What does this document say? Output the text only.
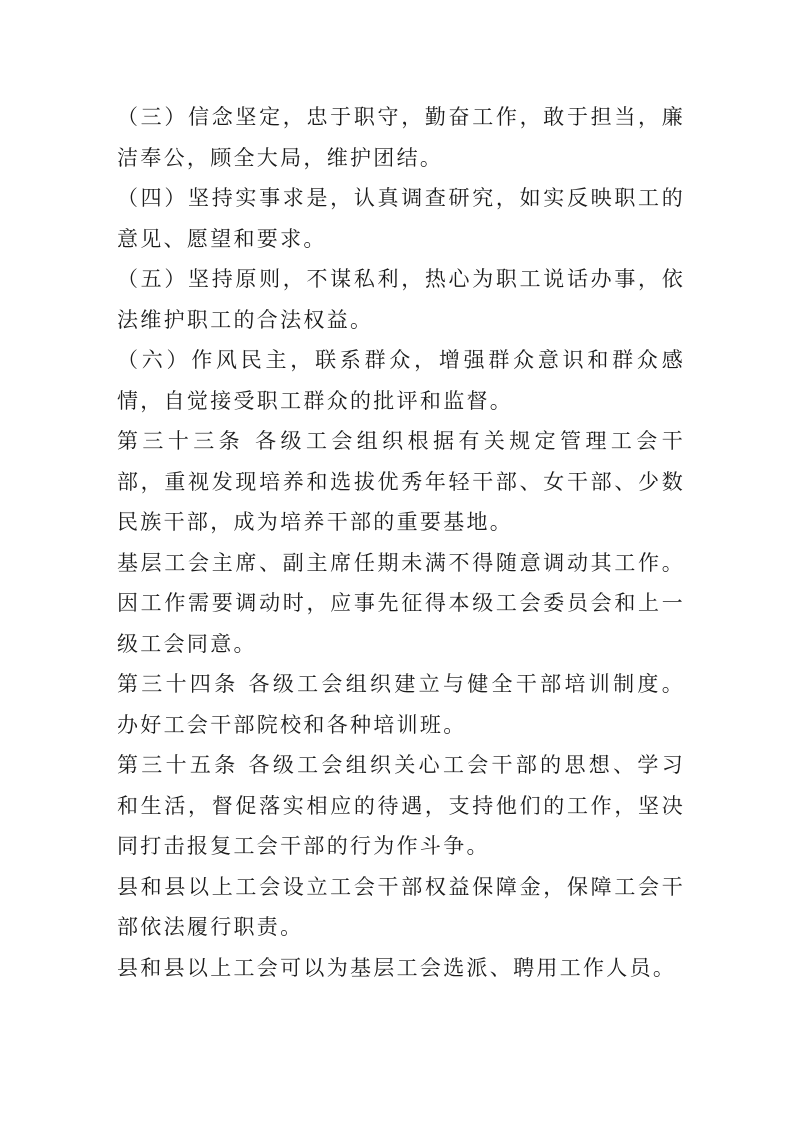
（三）信念坚定，忠于职守，勤奋工作，敢于担当，廉洁奉公，顾全大局，维护团结。

（四）坚持实事求是，认真调查研究，如实反映职工的意见、愿望和要求。

（五）坚持原则，不谋私利，热心为职工说话办事，依法维护职工的合法权益。

（六）作风民主，联系群众，增强群众意识和群众感情，自觉接受职工群众的批评和监督。

第三十三条 各级工会组织根据有关规定管理工会干部，重视发现培养和选拔优秀年轻干部、女干部、少数民族干部，成为培养干部的重要基地。

基层工会主席、副主席任期未满不得随意调动其工作。因工作需要调动时，应事先征得本级工会委员会和上一级工会同意。

第三十四条 各级工会组织建立与健全干部培训制度。办好工会干部院校和各种培训班。

第三十五条 各级工会组织关心工会干部的思想、学习和生活，督促落实相应的待遇，支持他们的工作，坚决同打击报复工会干部的行为作斗争。

县和县以上工会设立工会干部权益保障金，保障工会干部依法履行职责。

县和县以上工会可以为基层工会选派、聘用工作人员。
